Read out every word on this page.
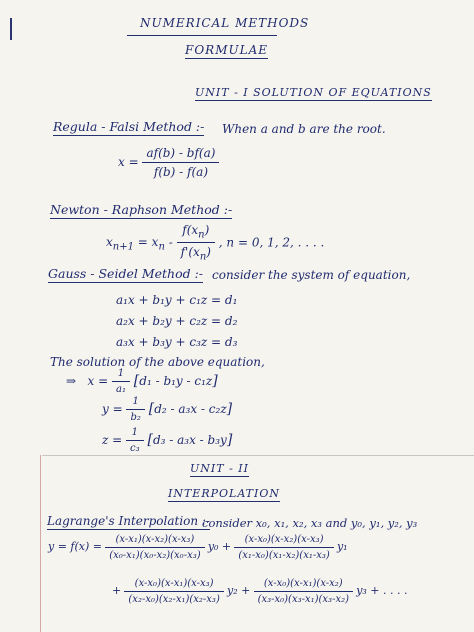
NUMERICAL METHODS
FORMULAE
UNIT - I SOLUTION OF EQUATIONS
Regula - Falsi Method :- When a and b are the root.
$x = \frac{af(b) - bf(a)}{f(b) - f(a)}$
Newton - Raphson Method :-
$x_{n+1} = x_n - \frac{f(x_n)}{f'(x_n)}$ , n = 0, 1, 2, . . . .
Gauss - Seidel Method :- consider the system of equation,
a₁x + b₁y + c₁z = d₁
a₂x + b₂y + c₂z = d₂
a₃x + b₃y + c₃z = d₃
The solution of the above equation,
⇒ $x = \frac{1}{\text{a₁}} [d_1 - b_1y - c_1z]$
$y = \frac{1}{\text{b₂}} [d_2 - a_3x - c_2z]$
$z = \frac{1}{\text{c₃}} [d_3 - a_3x - b_3y]$
UNIT - II
INTERPOLATION
Lagrange's Interpolation :-
consider x₀, x₁, x₂, x₃ and y₀, y₁, y₂, y₃
$y = f(x) = \frac{\text{(x-x₁)(x-x₂)(x-x₃)}}{\text{(x₀-x₁)(x₀-x₂)(x₀-x₃)}} y_0 + \frac{\text{(x-x₀)(x-x₂)(x-x₃)}}{\text{(x₁-x₀)(x₁-x₂)(x₁-x₃)}} y_1$
+ $\frac{\text{(x-x₀)(x-x₁)(x-x₃)}}{\text{(x₂-x₀)(x₂-x₁)(x₂-x₃)}} y_2 + \frac{\text{(x-x₀)(x-x₁)(x-x₂)}}{\text{(x₃-x₀)(x₃-x₁)(x₃-x₂)}} y_3$ + . . . .
